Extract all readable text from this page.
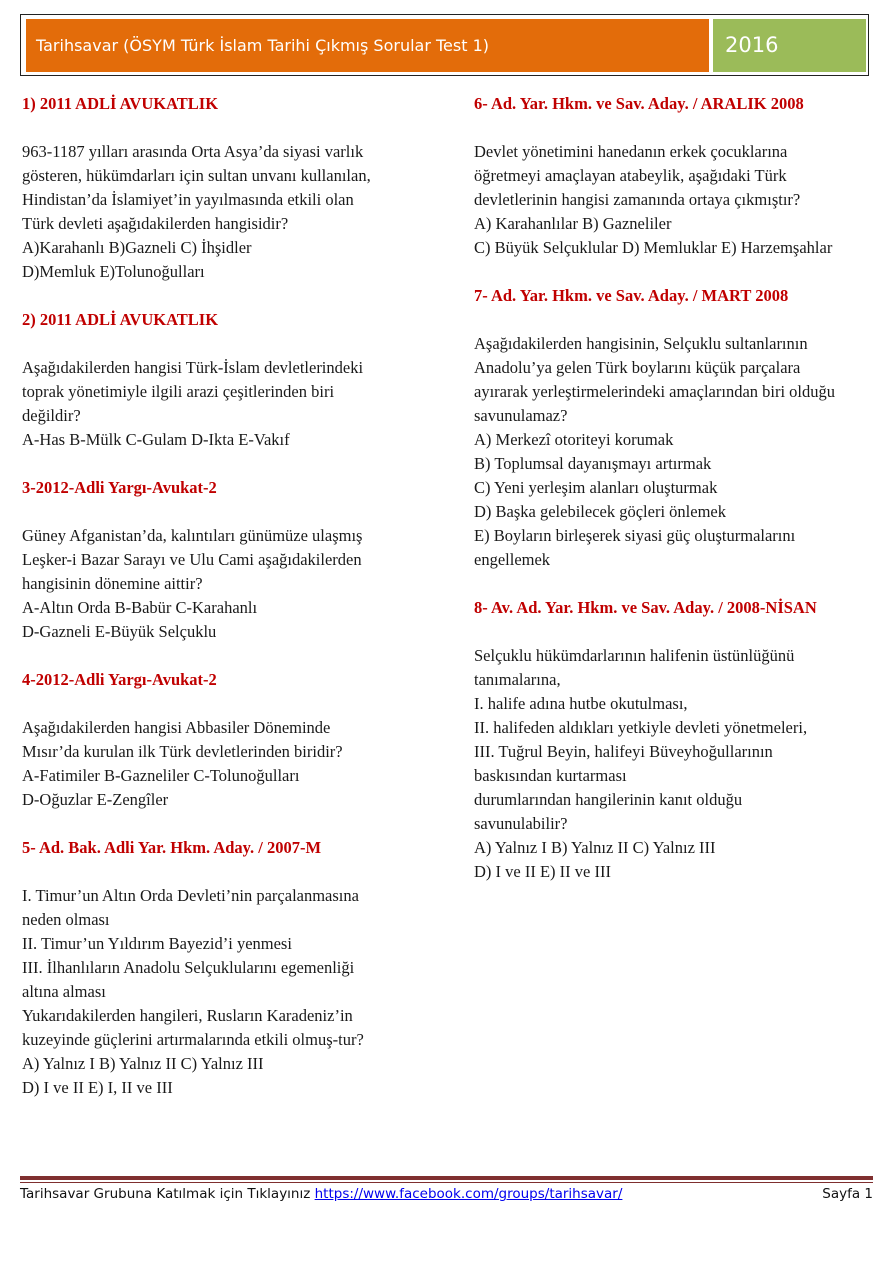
Tarihsavar (ÖSYM Türk İslam Tarihi Çıkmış Sorular Test 1)	2016
1) 2011 ADLİ AVUKATLIK
963-1187 yılları arasında Orta Asya’da siyasi varlık
gösteren, hükümdarları için sultan unvanı kullanılan,
Hindistan’da İslamiyet’in yayılmasında etkili olan
Türk devleti aşağıdakilerden hangisidir?
A)Karahanlı B)Gazneli C) İhşidler
D)Memluk E)Tolunoğulları
2) 2011 ADLİ AVUKATLIK
Aşağıdakilerden hangisi Türk-İslam devletlerindeki
toprak yönetimiyle ilgili arazi çeşitlerinden biri
değildir?
A-Has B-Mülk C-Gulam D-Ikta E-Vakıf
3-2012-Adli Yargı-Avukat-2
Güney Afganistan’da, kalıntıları günümüze ulaşmış
Leşker-i Bazar Sarayı ve Ulu Cami aşağıdakilerden
hangisinin dönemine aittir?
A-Altın Orda B-Babür C-Karahanlı
D-Gazneli E-Büyük Selçuklu
4-2012-Adli Yargı-Avukat-2
Aşağıdakilerden hangisi Abbasiler Döneminde
Mısır’da kurulan ilk Türk devletlerinden biridir?
A-Fatimiler B-Gazneliler C-Tolunoğulları
D-Oğuzlar E-Zengîler
5- Ad. Bak. Adli Yar. Hkm. Aday. / 2007-M
I. Timur’un Altın Orda Devleti’nin parçalanmasına
neden olması
II. Timur’un Yıldırım Bayezid’i yenmesi
III. İlhanlıların Anadolu Selçuklularını egemenliği
altına alması
Yukarıdakilerden hangileri, Rusların Karadeniz’in
kuzeyinde güçlerini artırmalarında etkili olmuş-tur?
A) Yalnız I B) Yalnız II C) Yalnız III
D) I ve II E) I, II ve III
6- Ad. Yar. Hkm. ve Sav. Aday. / ARALIK 2008
Devlet yönetimini hanedanın erkek çocuklarına
öğretmeyi amaçlayan atabeylik, aşağıdaki Türk
devletlerinin hangisi zamanında ortaya çıkmıştır?
A) Karahanlılar B) Gazneliler
C) Büyük Selçuklular D) Memluklar E) Harzemşahlar
7- Ad. Yar. Hkm. ve Sav. Aday. / MART 2008
Aşağıdakilerden hangisinin, Selçuklu sultanlarının
Anadolu’ya gelen Türk boylarını küçük parçalara
ayırarak yerleştirmelerindeki amaçlarından biri olduğu
savunulamaz?
A) Merkezî otoriteyi korumak
B) Toplumsal dayanışmayı artırmak
C) Yeni yerleşim alanları oluşturmak
D) Başka gelebilecek göçleri önlemek
E) Boyların birleşerek siyasi güç oluşturmalarını
engellemek
8- Av. Ad. Yar. Hkm. ve Sav. Aday. / 2008-NİSAN
Selçuklu hükümdarlarının halifenin üstünlüğünü
tanımalarına,
I. halife adına hutbe okutulması,
II. halifeden aldıkları yetkiyle devleti yönetmeleri,
III. Tuğrul Beyin, halifeyi Büveyhoğullarının
baskısından kurtarması
durumlarından hangilerinin kanıt olduğu
savunulabilir?
A) Yalnız I B) Yalnız II C) Yalnız III
D) I ve II E) II ve III
Tarihsavar Grubuna Katılmak için Tıklayınız https://www.facebook.com/groups/tarihsavar/	Sayfa 1
